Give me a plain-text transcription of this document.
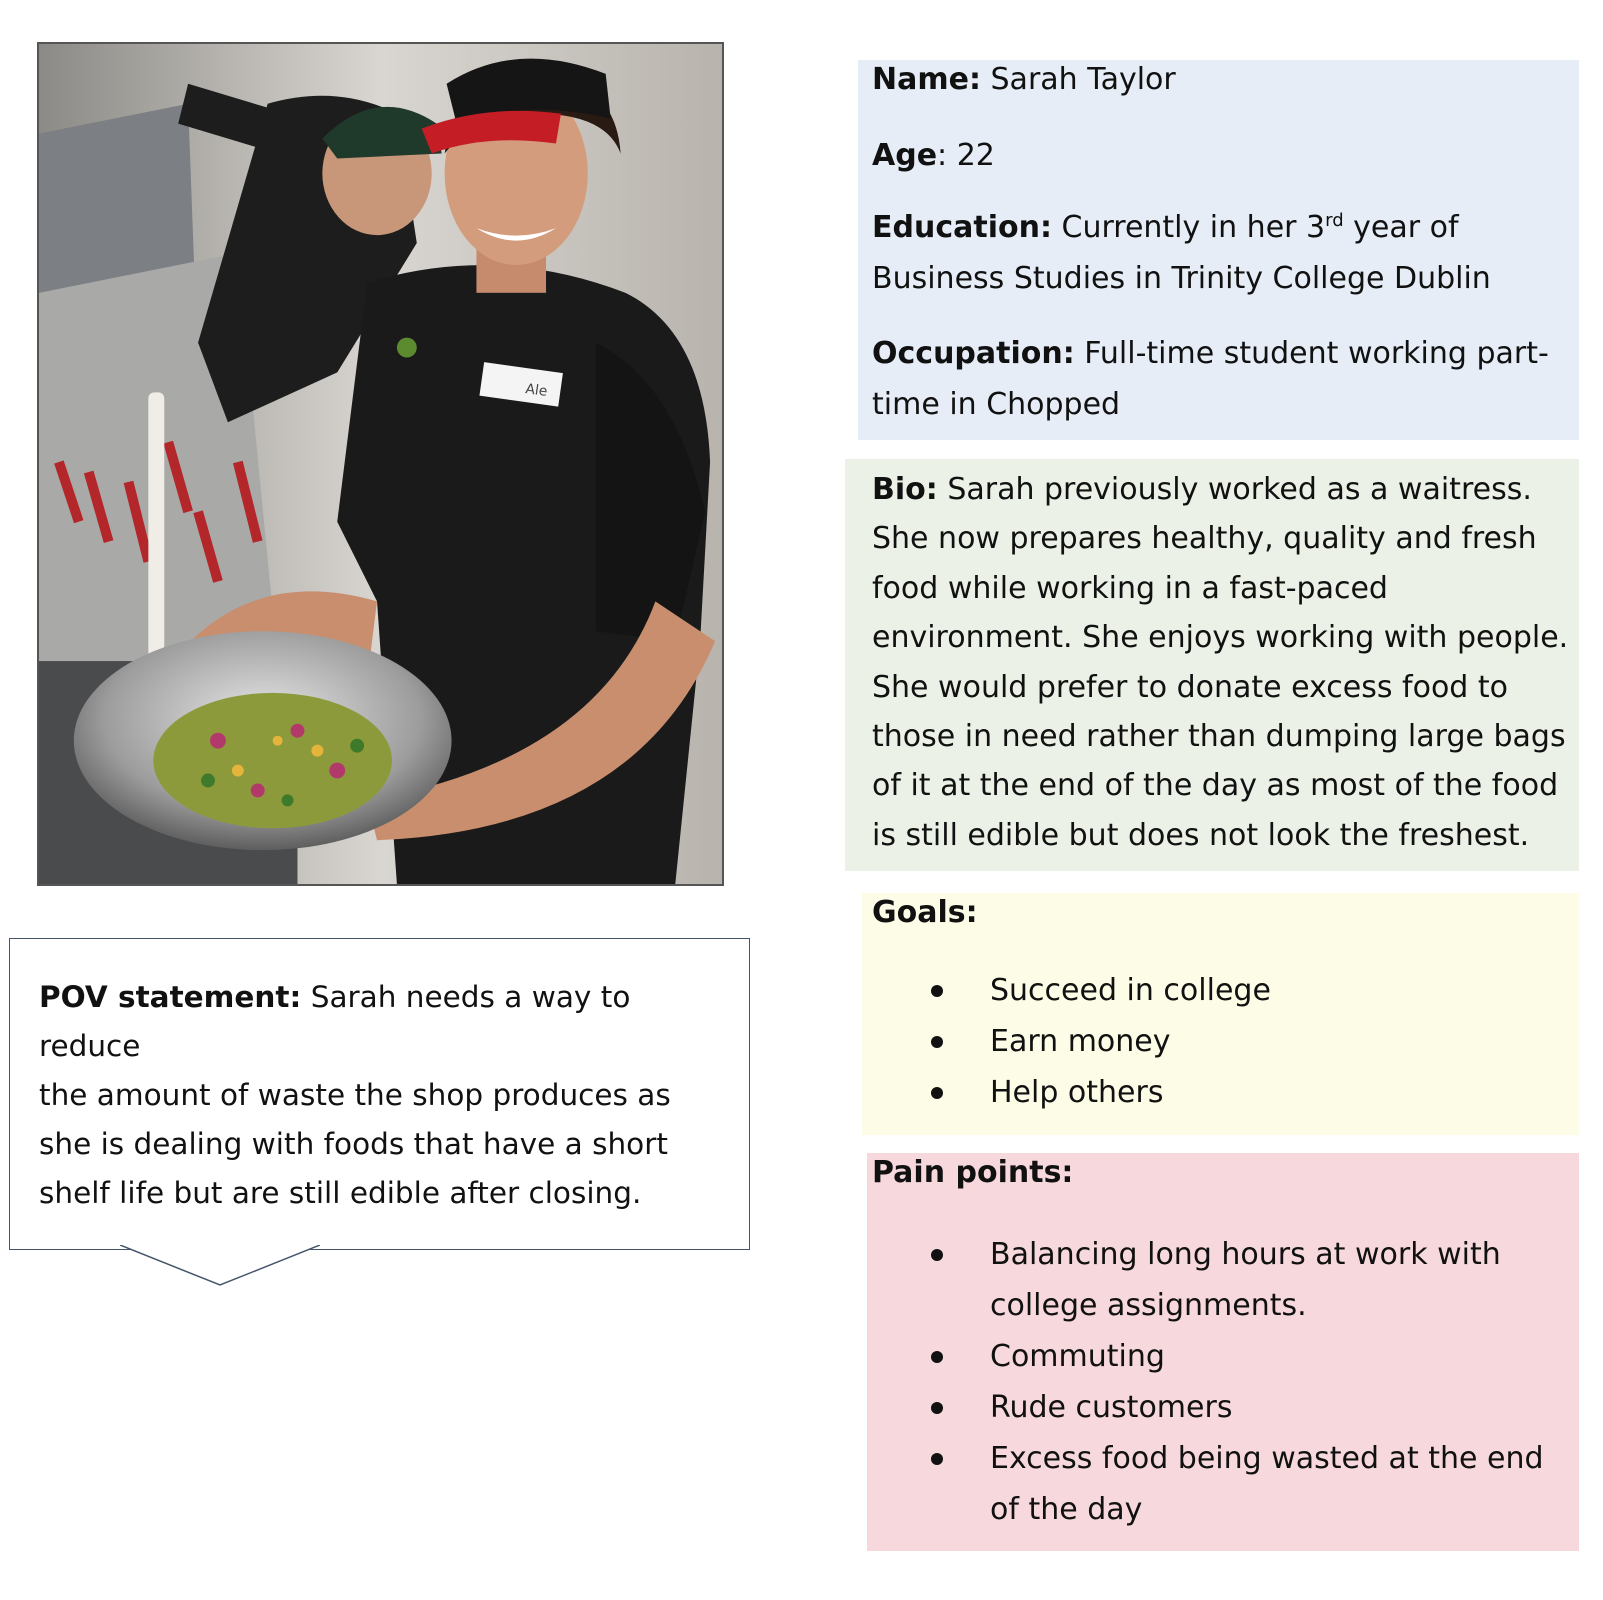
Ale
POV statement: Sarah needs a way to reduce
the amount of waste the shop produces as
she is dealing with foods that have a short
shelf life but are still edible after closing.
Name: Sarah Taylor
Age: 22
Education: Currently in her 3rd year of
Business Studies in Trinity College Dublin
Occupation: Full-time student working part-
time in Chopped
Bio: Sarah previously worked as a waitress.
She now prepares healthy, quality and fresh
food while working in a fast-paced
environment. She enjoys working with people.
She would prefer to donate excess food to
those in need rather than dumping large bags
of it at the end of the day as most of the food
is still edible but does not look the freshest.
Goals:
Succeed in college
Earn money
Help others
Pain points:
Balancing long hours at work with
college assignments.
Commuting
Rude customers
Excess food being wasted at the end
of the day
